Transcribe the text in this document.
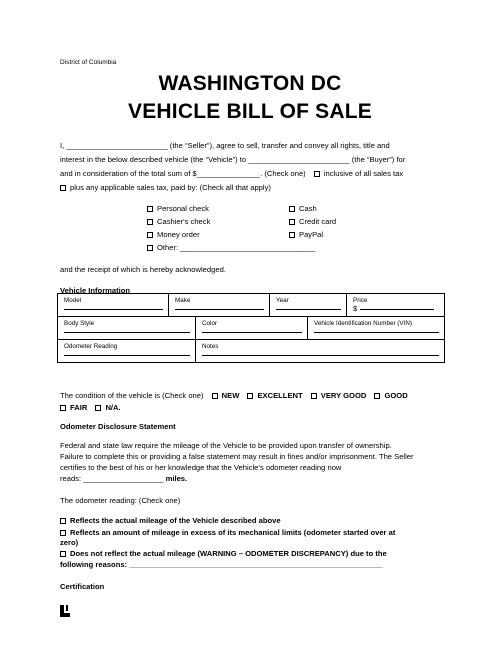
District of Columbia
WASHINGTON DC
VEHICLE BILL OF SALE
I, ________________________ (the “Seller”), agree to sell, transfer and convey all rights, title and
interest in the below described vehicle (the “Vehicle”) to ________________________ (the “Buyer”) for
and in consideration of the total sum of $_______________. (Check one) inclusive of all sales tax
plus any applicable sales tax, paid by: (Check all that apply)
Personal check
Cashier's check
Money order
Other: ________________________________
Cash
Credit card
PayPal
and the receipt of which is hereby acknowledged.
Vehicle Information
Model	Make		Year		Price
$

Body Style		Color		Vehicle Identification Number (VIN)	

Odometer Reading		Notes			
The condition of the vehicle is (Check one) NEW EXCELLENT VERY GOOD GOOD
FAIR N/A.
Odometer Disclosure Statement
Federal and state law require the mileage of the Vehicle to be provided upon transfer of ownership.
Failure to complete this or providing a false statement may result in fines and/or imprisonment. The Seller
certifies to the best of his or her knowledge that the Vehicle’s odometer reading now
reads: ___________________ miles.
The odometer reading: (Check one)
Reflects the actual mileage of the Vehicle described above
Reflects an amount of mileage in excess of its mechanical limits (odometer started over at
zero)
Does not reflect the actual mileage (WARNING – ODOMETER DISCREPANCY) due to the
following reasons: ____________________________________________________________
Certification
